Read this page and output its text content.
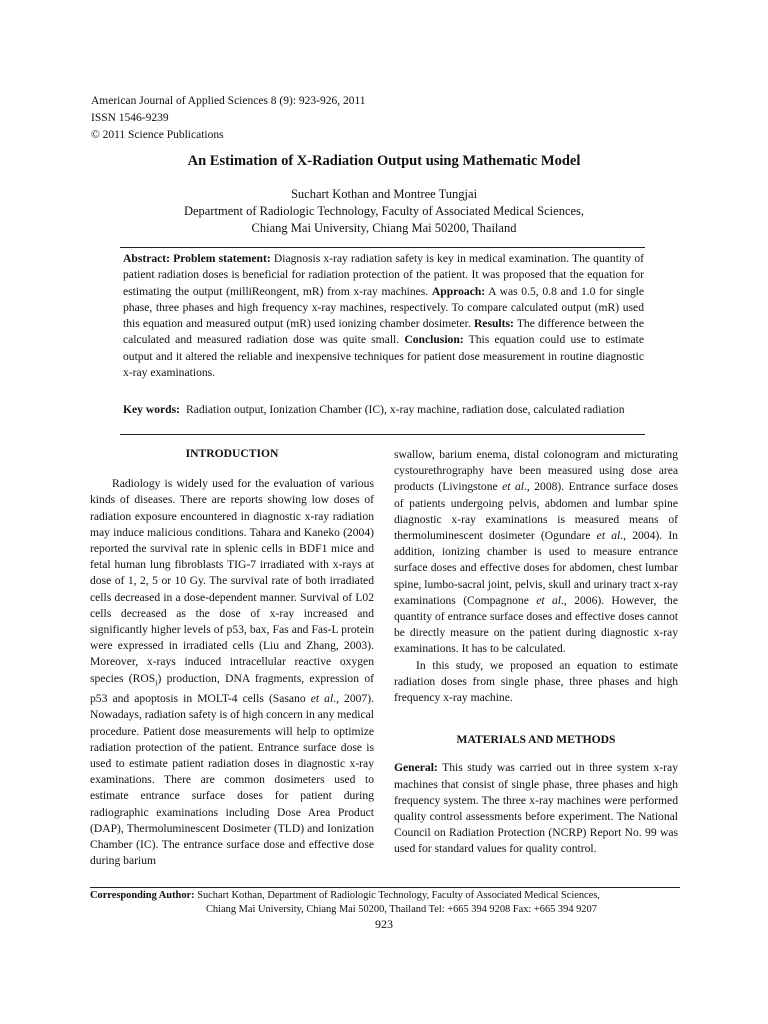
American Journal of Applied Sciences 8 (9): 923-926, 2011
ISSN 1546-9239
© 2011 Science Publications
An Estimation of X-Radiation Output using Mathematic Model
Suchart Kothan and Montree Tungjai
Department of Radiologic Technology, Faculty of Associated Medical Sciences,
Chiang Mai University, Chiang Mai 50200, Thailand
Abstract: Problem statement: Diagnosis x-ray radiation safety is key in medical examination. The quantity of patient radiation doses is beneficial for radiation protection of the patient. It was proposed that the equation for estimating the output (milliReongent, mR) from x-ray machines. Approach: A was 0.5, 0.8 and 1.0 for single phase, three phases and high frequency x-ray machines, respectively. To compare calculated output (mR) used this equation and measured output (mR) used ionizing chamber dosimeter. Results: The difference between the calculated and measured radiation dose was quite small. Conclusion: This equation could use to estimate output and it altered the reliable and inexpensive techniques for patient dose measurement in routine diagnostic x-ray examinations.
Key words: Radiation output, Ionization Chamber (IC), x-ray machine, radiation dose, calculated radiation
INTRODUCTION

Radiology is widely used for the evaluation of various kinds of diseases. There are reports showing low doses of radiation exposure encountered in diagnostic x-ray radiation may induce malicious conditions. Tahara and Kaneko (2004) reported the survival rate in splenic cells in BDF1 mice and fetal human lung fibroblasts TIG-7 irradiated with x-rays at dose of 1, 2, 5 or 10 Gy. The survival rate of both irradiated cells decreased in a dose-dependent manner. Survival of L02 cells decreased as the dose of x-ray increased and significantly higher levels of p53, bax, Fas and Fas-L protein were expressed in irradiated cells (Liu and Zhang, 2003). Moreover, x-rays induced intracellular reactive oxygen species $(ROS_i)$ production, DNA fragments, expression of p53 and apoptosis in MOLT-4 cells (Sasano et al., 2007). Nowadays, radiation safety is of high concern in any medical procedure. Patient dose measurements will help to optimize radiation protection of the patient. Entrance surface dose is used to estimate patient radiation doses in diagnostic x-ray examinations. There are common dosimeters used to estimate entrance surface doses for patient during radiographic examinations including Dose Area Product (DAP), Thermoluminescent Dosimeter (TLD) and Ionization Chamber (IC). The entrance surface dose and effective dose during barium

swallow, barium enema, distal colonogram and micturating cystourethrography have been measured using dose area products (Livingstone et al., 2008). Entrance surface doses of patients undergoing pelvis, abdomen and lumbar spine diagnostic x-ray examinations is measured means of thermoluminescent dosimeter (Ogundare et al., 2004). In addition, ionizing chamber is used to measure entrance surface doses and effective doses for abdomen, chest lumbar spine, lumbo-sacral joint, pelvis, skull and urinary tract x-ray examinations (Compagnone et al., 2006). However, the quantity of entrance surface doses and effective doses cannot be directly measure on the patient during diagnostic x-ray examinations. It has to be calculated.

In this study, we proposed an equation to estimate radiation doses from single phase, three phases and high frequency x-ray machine.

MATERIALS AND METHODS

General: This study was carried out in three system x-ray machines that consist of single phase, three phases and high frequency system. The three x-ray machines were performed quality control assessments before experiment. The National Council on Radiation Protection (NCRP) Report No. 99 was used for standard values for quality control.

Corresponding Author: Suchart Kothan, Department of Radiologic Technology, Faculty of Associated Medical Sciences,
Chiang Mai University, Chiang Mai 50200, Thailand Tel: +665 394 9208 Fax: +665 394 9207
923
